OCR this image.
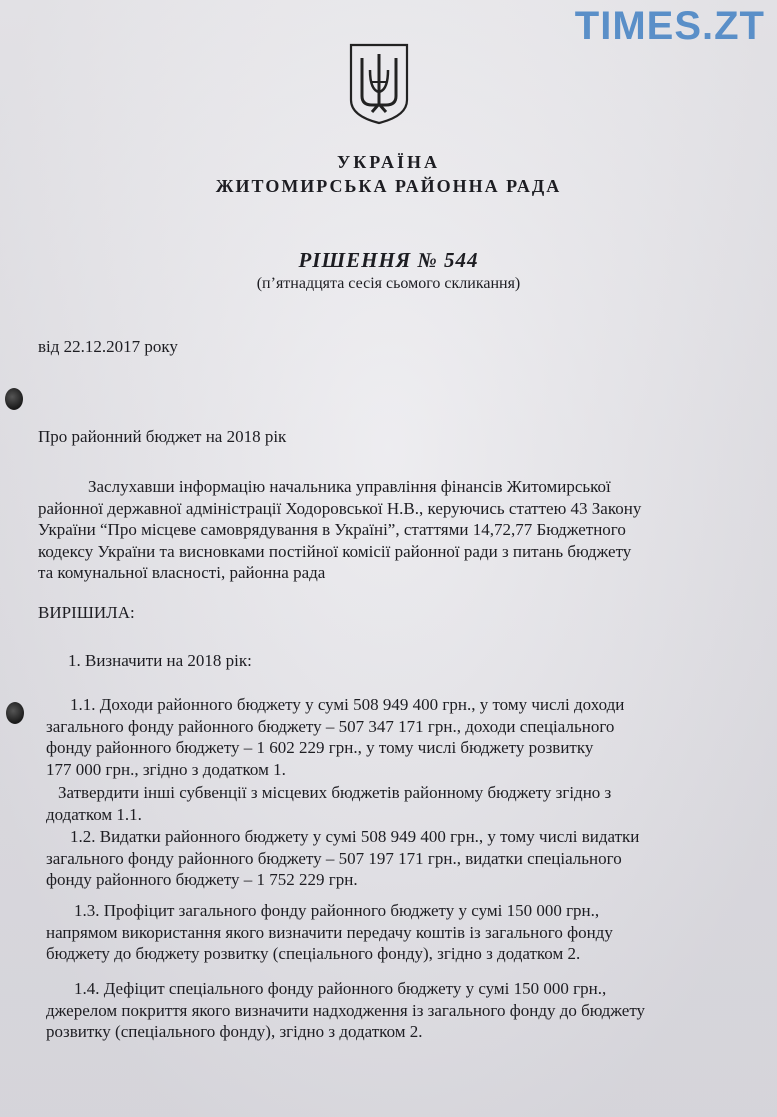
TIMES.ZT
УКРАЇНА
ЖИТОМИРСЬКА РАЙОННА РАДА
РІШЕННЯ № 544
(п’ятнадцята сесія сьомого скликання)
від 22.12.2017 року
Про районний бюджет на 2018 рік
Заслухавши інформацію начальника управління фінансів Житомирської
районної державної адміністрації Ходоровської Н.В., керуючись статтею 43 Закону
України “Про місцеве самоврядування в Україні”, статтями 14,72,77 Бюджетного
кодексу України та висновками постійної комісії районної ради з питань бюджету
та комунальної власності, районна рада
ВИРІШИЛА:
1. Визначити на 2018 рік:
1.1. Доходи районного бюджету у сумі 508 949 400 грн., у тому числі доходи
загального фонду районного бюджету – 507 347 171 грн., доходи спеціального
фонду районного бюджету – 1 602 229 грн., у тому числі бюджету розвитку
177 000 грн., згідно з додатком 1.
Затвердити інші субвенції з місцевих бюджетів районному бюджету згідно з
додатком 1.1.
1.2. Видатки районного бюджету у сумі 508 949 400 грн., у тому числі видатки
загального фонду районного бюджету – 507 197 171 грн., видатки спеціального
фонду районного бюджету – 1 752 229 грн.
1.3. Профіцит загального фонду районного бюджету у сумі 150 000 грн.,
напрямом використання якого визначити передачу коштів із загального фонду
бюджету до бюджету розвитку (спеціального фонду), згідно з додатком 2.
1.4. Дефіцит спеціального фонду районного бюджету у сумі 150 000 грн.,
джерелом покриття якого визначити надходження із загального фонду до бюджету
розвитку (спеціального фонду), згідно з додатком 2.
